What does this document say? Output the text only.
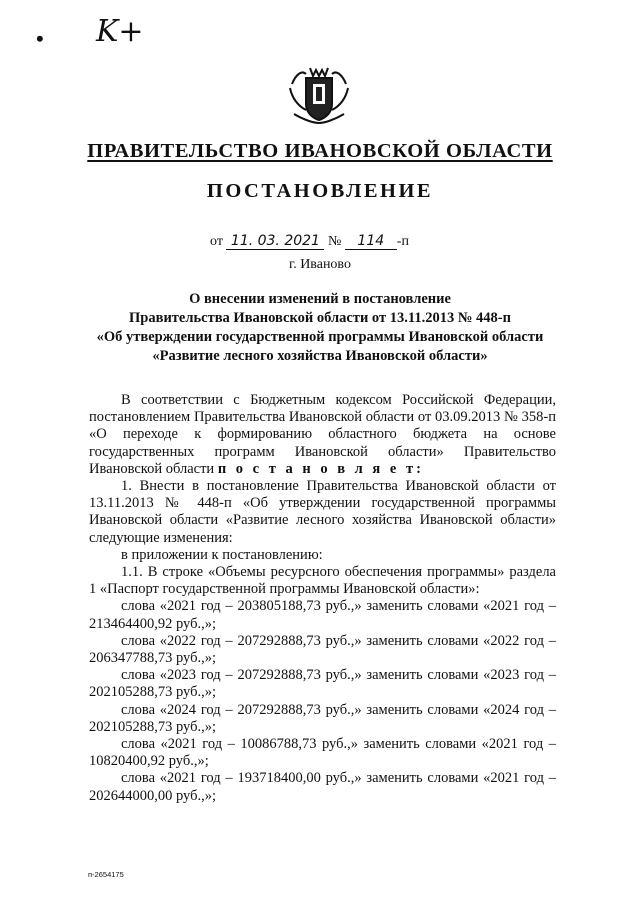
• K+
ПРАВИТЕЛЬСТВО ИВАНОВСКОЙ ОБЛАСТИ
ПОСТАНОВЛЕНИЕ
от 11. 03. 2021 № 114 -п
г. Иваново
О внесении изменений в постановление
Правительства Ивановской области от 13.11.2013 № 448-п
«Об утверждении государственной программы Ивановской области
«Развитие лесного хозяйства Ивановской области»

В соответствии с Бюджетным кодексом Российской Федерации, постановлением Правительства Ивановской области от 03.09.2013 № 358-п «О переходе к формированию областного бюджета на основе государственных программ Ивановской области» Правительство Ивановской области п о с т а н о в л я е т:

1. Внести в постановление Правительства Ивановской области от 13.11.2013 № 448-п «Об утверждении государственной программы Ивановской области «Развитие лесного хозяйства Ивановской области» следующие изменения:

в приложении к постановлению:

1.1. В строке «Объемы ресурсного обеспечения программы» раздела 1 «Паспорт государственной программы Ивановской области»:

слова «2021 год – 203805188,73 руб.,» заменить словами «2021 год – 213464400,92 руб.,»;

слова «2022 год – 207292888,73 руб.,» заменить словами «2022 год – 206347788,73 руб.,»;

слова «2023 год – 207292888,73 руб.,» заменить словами «2023 год – 202105288,73 руб.,»;

слова «2024 год – 207292888,73 руб.,» заменить словами «2024 год – 202105288,73 руб.,»;

слова «2021 год – 10086788,73 руб.,» заменить словами «2021 год – 10820400,92 руб.,»;

слова «2021 год – 193718400,00 руб.,» заменить словами «2021 год – 202644000,00 руб.,»;

п-2654175
